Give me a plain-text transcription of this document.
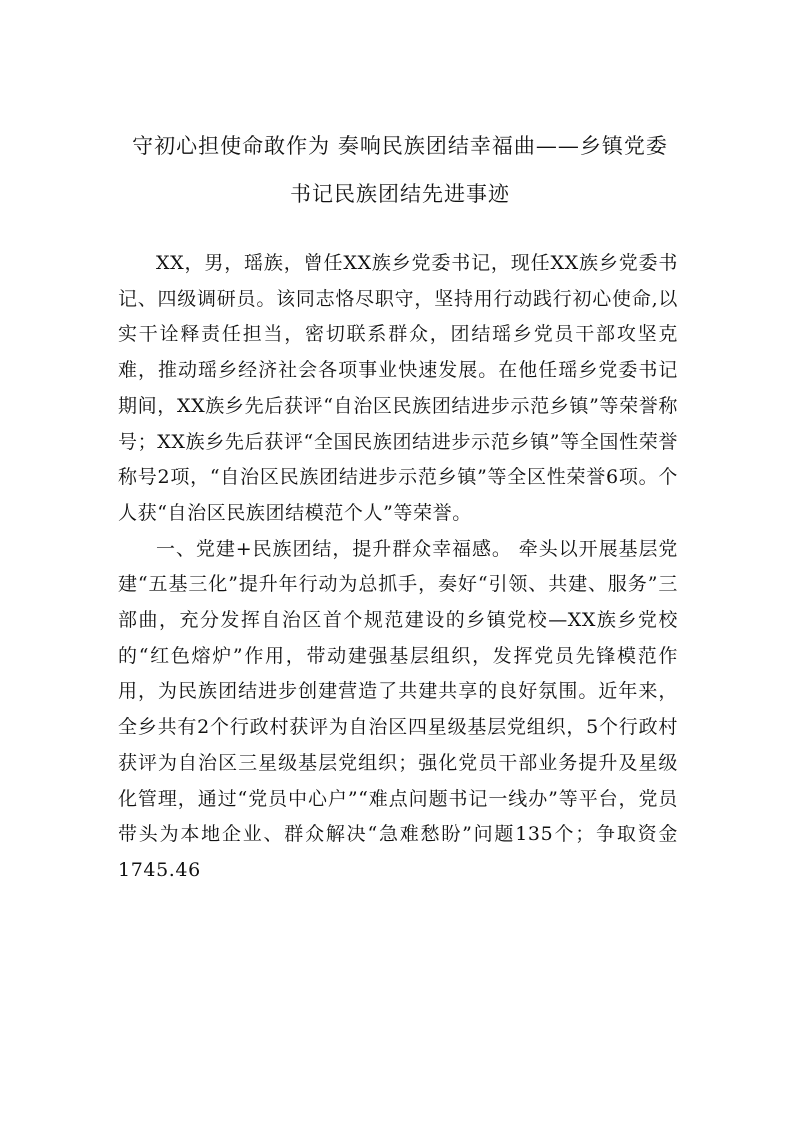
守初心担使命敢作为 奏响民族团结幸福曲——乡镇党委
书记民族团结先进事迹

XX，男，瑶族，曾任XX族乡党委书记，现任XX族乡党委书记、四级调研员。该同志恪尽职守，坚持用行动践行初心使命,以实干诠释责任担当，密切联系群众，团结瑶乡党员干部攻坚克难，推动瑶乡经济社会各项事业快速发展。在他任瑶乡党委书记期间，XX族乡先后获评“自治区民族团结进步示范乡镇”等荣誉称号；XX族乡先后获评“全国民族团结进步示范乡镇”等全国性荣誉称号2项，“自治区民族团结进步示范乡镇”等全区性荣誉6项。个人获“自治区民族团结模范个人”等荣誉。

一、党建+民族团结，提升群众幸福感。 牵头以开展基层党建“五基三化”提升年行动为总抓手，奏好“引领、共建、服务”三部曲，充分发挥自治区首个规范建设的乡镇党校—XX族乡党校的“红色熔炉”作用，带动建强基层组织，发挥党员先锋模范作用，为民族团结进步创建营造了共建共享的良好氛围。近年来，全乡共有2个行政村获评为自治区四星级基层党组织，5个行政村获评为自治区三星级基层党组织；强化党员干部业务提升及星级化管理，通过“党员中心户”“难点问题书记一线办”等平台，党员带头为本地企业、群众解决“急难愁盼”问题135个；争取资金1745.46
